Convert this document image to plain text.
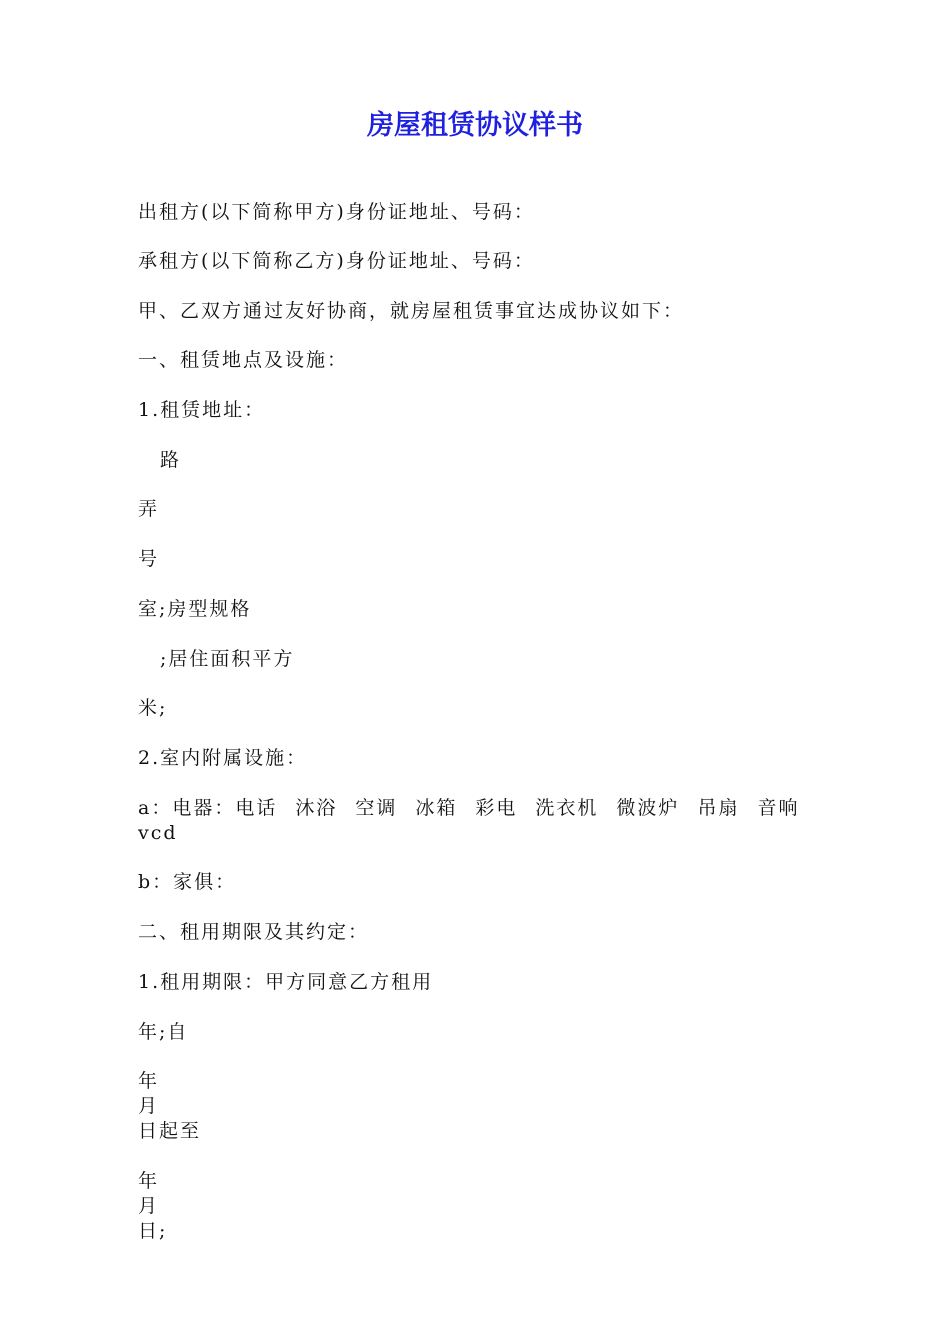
房屋租赁协议样书

出租方(以下简称甲方)身份证地址、号码：

承租方(以下简称乙方)身份证地址、号码：

甲、乙双方通过友好协商，就房屋租赁事宜达成协议如下：

一、租赁地点及设施：

1.租赁地址：

路

弄

号

室;房型规格

;居住面积平方

米;

2.室内附属设施：

a：电器：电话 沐浴 空调 冰箱 彩电 洗衣机 微波炉 吊扇 音响
vcd

b：家俱：

二、租用期限及其约定：

1.租用期限：甲方同意乙方租用

年;自

年
月
日起至
年
月
日;
